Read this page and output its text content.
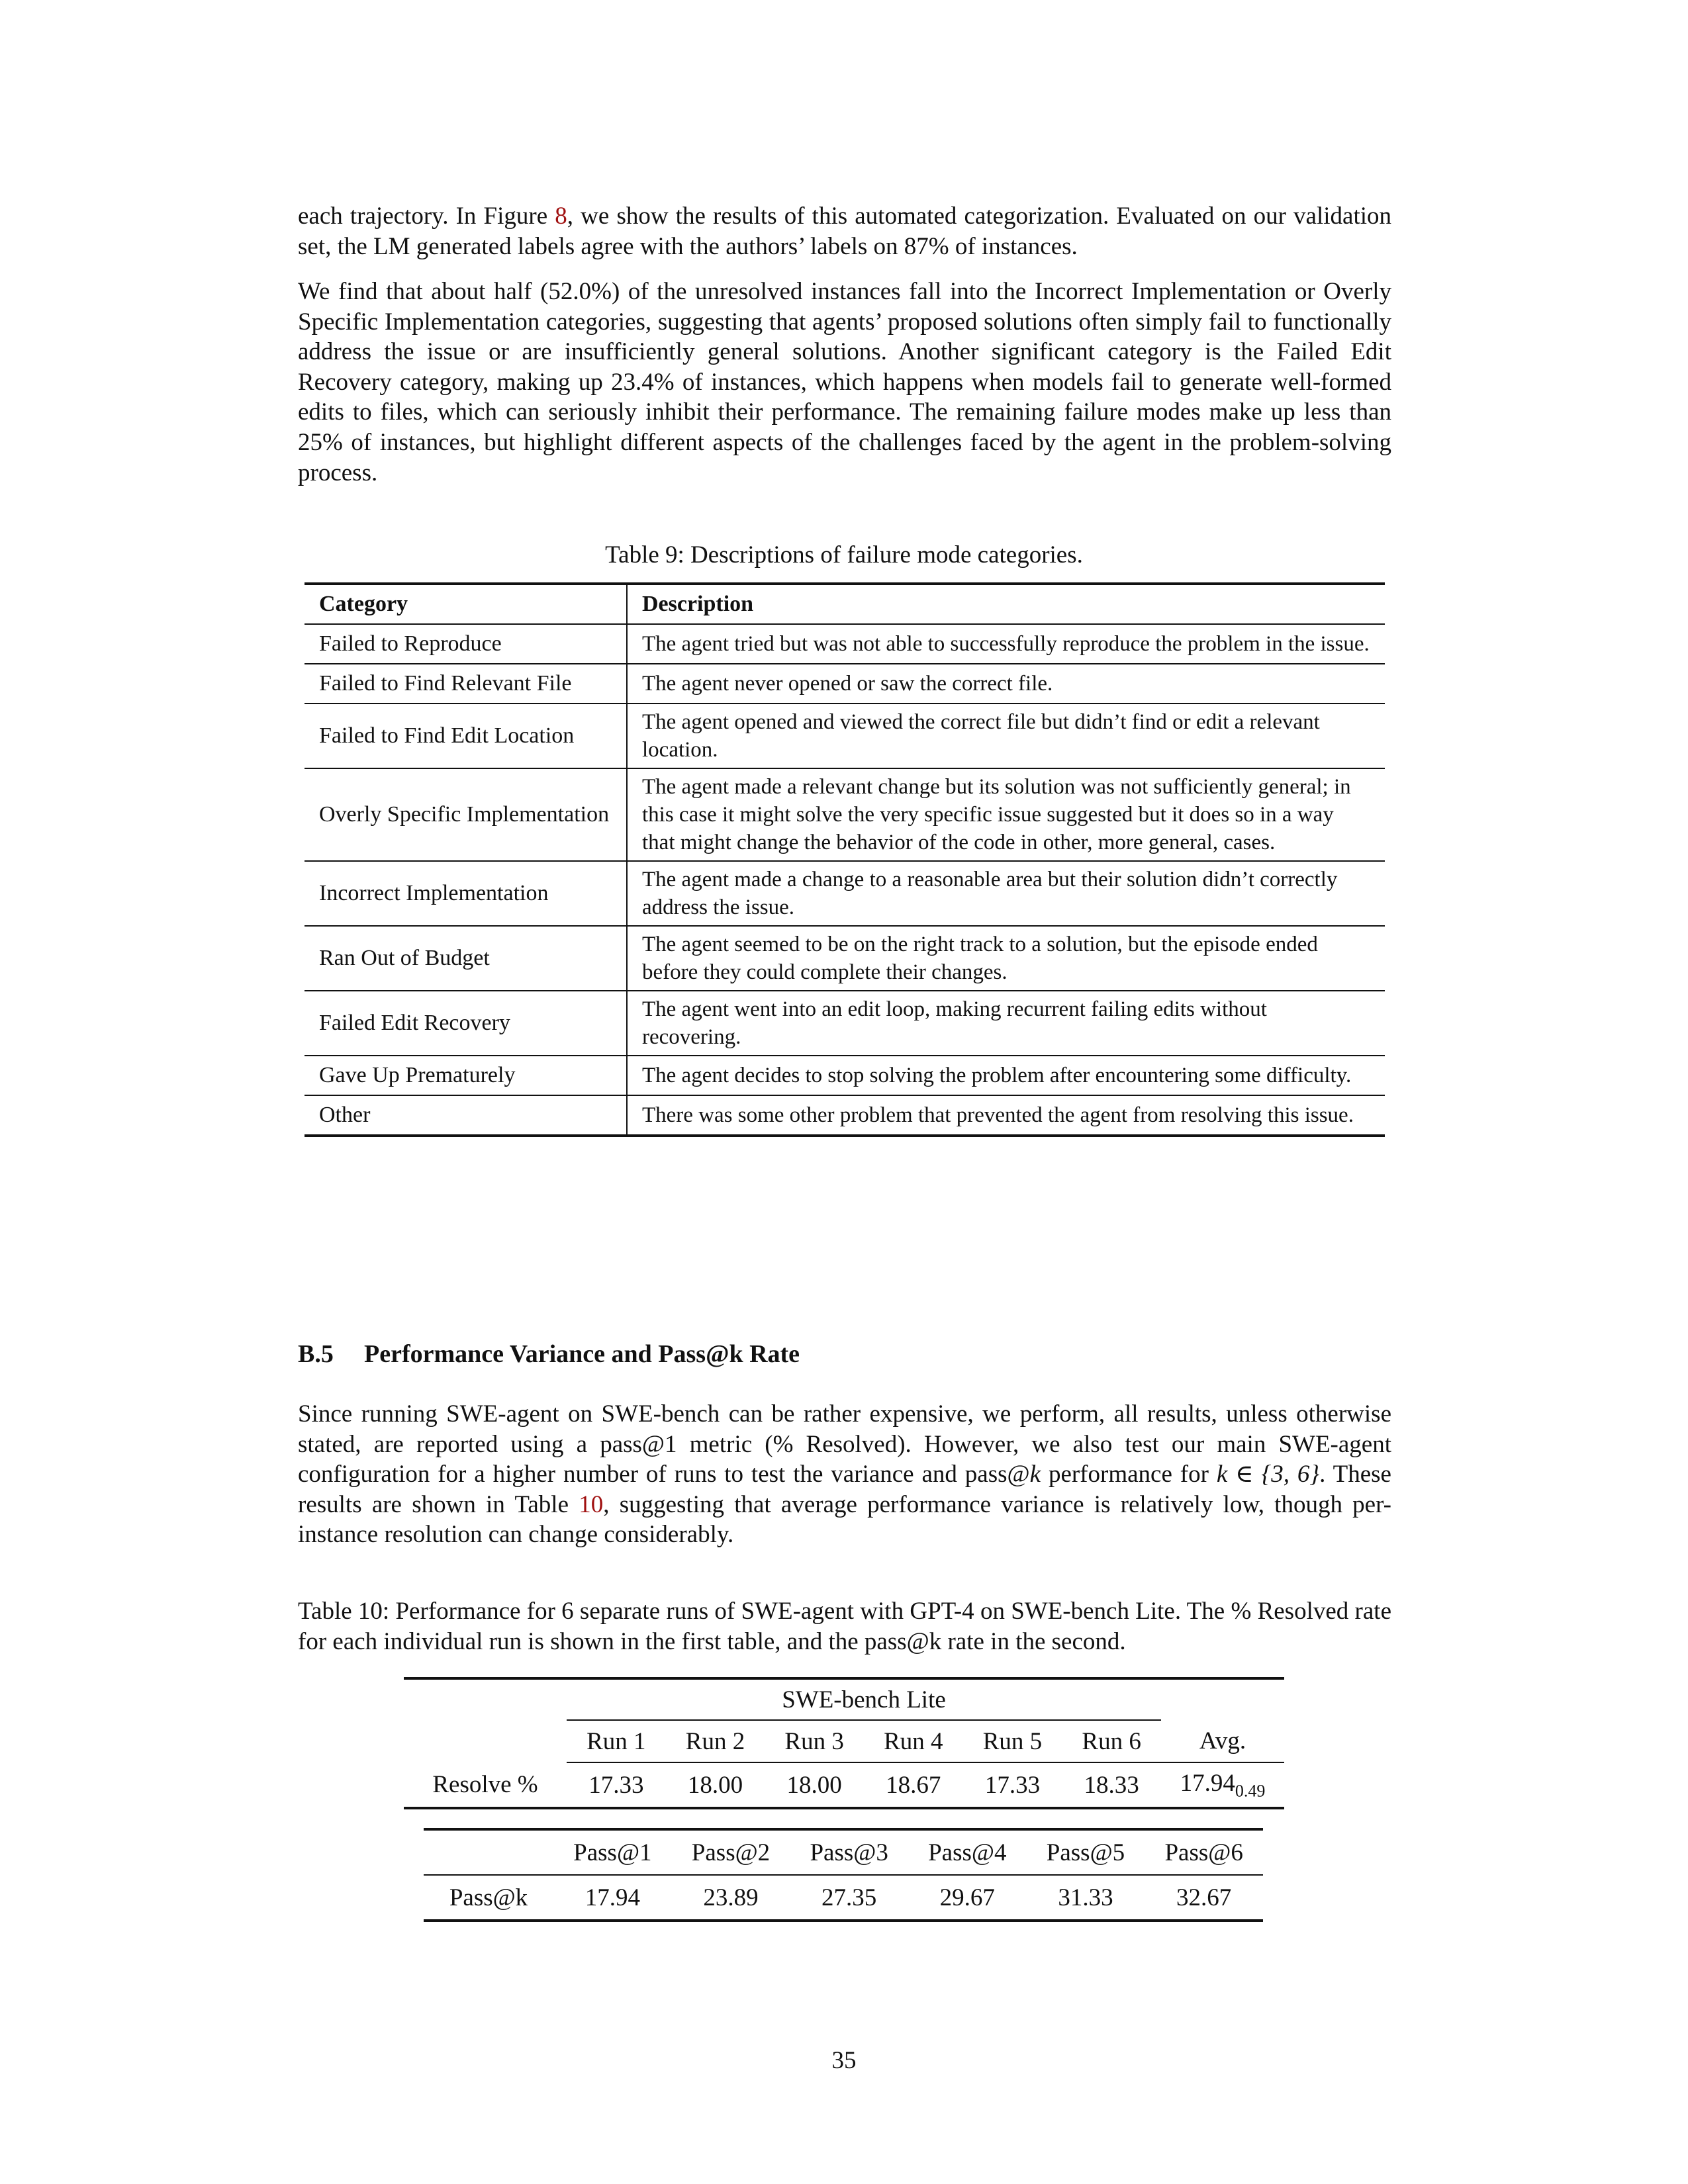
each trajectory. In Figure 8, we show the results of this automated categorization. Evaluated on our validation set, the LM generated labels agree with the authors’ labels on 87% of instances.

We find that about half (52.0%) of the unresolved instances fall into the Incorrect Implementation or Overly Specific Implementation categories, suggesting that agents’ proposed solutions often simply fail to functionally address the issue or are insufficiently general solutions. Another significant category is the Failed Edit Recovery category, making up 23.4% of instances, which happens when models fail to generate well-formed edits to files, which can seriously inhibit their performance. The remaining failure modes make up less than 25% of instances, but highlight different aspects of the challenges faced by the agent in the problem-solving process.

Table 9: Descriptions of failure mode categories.

Category	Description
Failed to Reproduce	The agent tried but was not able to successfully reproduce the problem in the issue.
Failed to Find Relevant File	The agent never opened or saw the correct file.
Failed to Find Edit Location	The agent opened and viewed the correct file but didn’t find or edit a relevant location.
Overly Specific Implementation	The agent made a relevant change but its solution was not sufficiently general; in this case it might solve the very specific issue suggested but it does so in a way that might change the behavior of the code in other, more general, cases.
Incorrect Implementation	The agent made a change to a reasonable area but their solution didn’t correctly address the issue.
Ran Out of Budget	The agent seemed to be on the right track to a solution, but the episode ended before they could complete their changes.
Failed Edit Recovery	The agent went into an edit loop, making recurrent failing edits without recovering.
Gave Up Prematurely	The agent decides to stop solving the problem after encountering some difficulty.
Other	There was some other problem that prevented the agent from resolving this issue.
B.5 Performance Variance and Pass@k Rate

Since running SWE-agent on SWE-bench can be rather expensive, we perform, all results, unless otherwise stated, are reported using a pass@1 metric (% Resolved). However, we also test our main SWE-agent configuration for a higher number of runs to test the variance and pass@k performance for k ∈ {3, 6}. These results are shown in Table 10, suggesting that average performance variance is relatively low, though per-instance resolution can change considerably.

Table 10: Performance for 6 separate runs of SWE-agent with GPT-4 on SWE-bench Lite. The % Resolved rate for each individual run is shown in the first table, and the pass@k rate in the second.

	SWE-bench Lite						Avg.
	Run 1	Run 2	Run 3	Run 4	Run 5	Run 6	
Resolve %	17.33	18.00	18.00	18.67	17.33	18.33	$17.94_{0.49}$
	Pass@1	Pass@2	Pass@3	Pass@4	Pass@5	Pass@6
Pass@k	17.94	23.89	27.35	29.67	31.33	32.67

35
